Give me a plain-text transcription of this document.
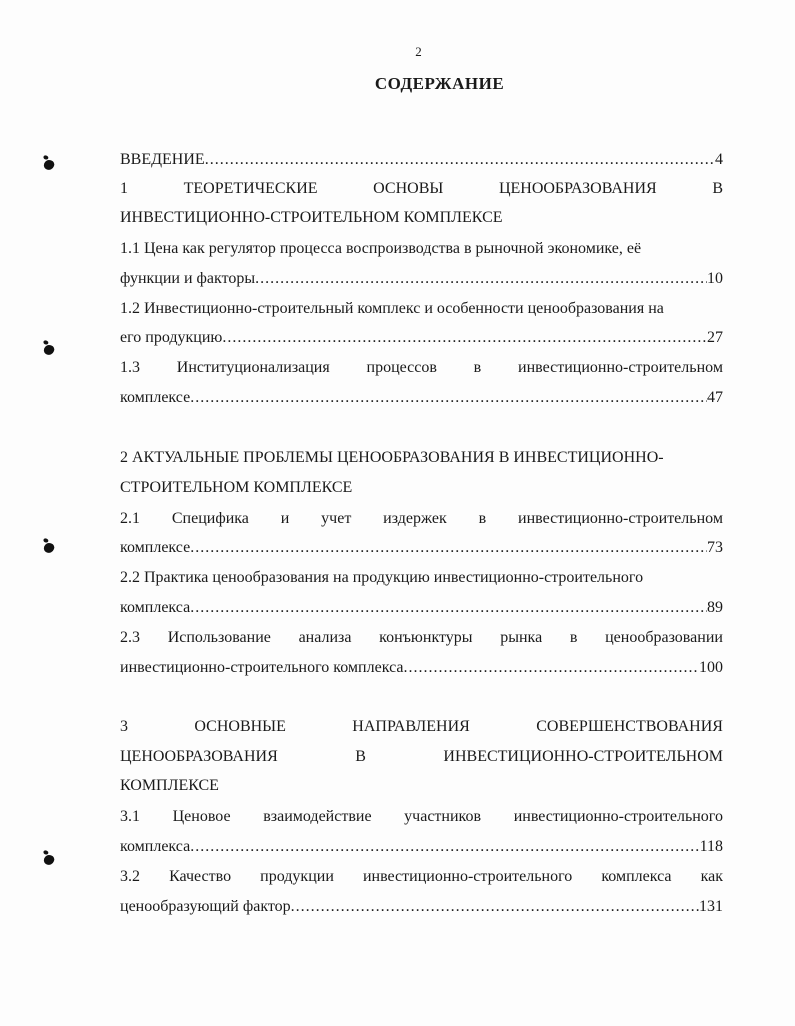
2
СОДЕРЖАНИЕ
ВВЕДЕНИЕ .....	4
1	ТЕОРЕТИЧЕСКИЕ	ОСНОВЫ	ЦЕНООБРАЗОВАНИЯ	В
ИНВЕСТИЦИОННО-СТРОИТЕЛЬНОМ КОМПЛЕКСЕ
1.1 Цена как регулятор процесса воспроизводства в рыночной экономике, её
функции и факторы .....	10
1.2 Инвестиционно-строительный комплекс и особенности ценообразования на
его продукцию .....	27
1.3 Институционализация процессов в инвестиционно-строительном
комплексе .....	47
2 АКТУАЛЬНЫЕ ПРОБЛЕМЫ ЦЕНООБРАЗОВАНИЯ В ИНВЕСТИЦИОННО-
СТРОИТЕЛЬНОМ КОМПЛЕКСЕ
2.1 Специфика и учет издержек в инвестиционно-строительном
комплексе .....	73
2.2 Практика ценообразования на продукцию инвестиционно-строительного
комплекса .....	89
2.3 Использование анализа конъюнктуры рынка в ценообразовании
инвестиционно-строительного комплекса .....	100
3	ОСНОВНЫЕ	НАПРАВЛЕНИЯ	СОВЕРШЕНСТВОВАНИЯ
ЦЕНООБРАЗОВАНИЯ	В	ИНВЕСТИЦИОННО-СТРОИТЕЛЬНОМ
КОМПЛЕКСЕ
3.1 Ценовое взаимодействие участников инвестиционно-строительного
комплекса .....	118
3.2 Качество продукции инвестиционно-строительного комплекса как
ценообразующий фактор .....	131
